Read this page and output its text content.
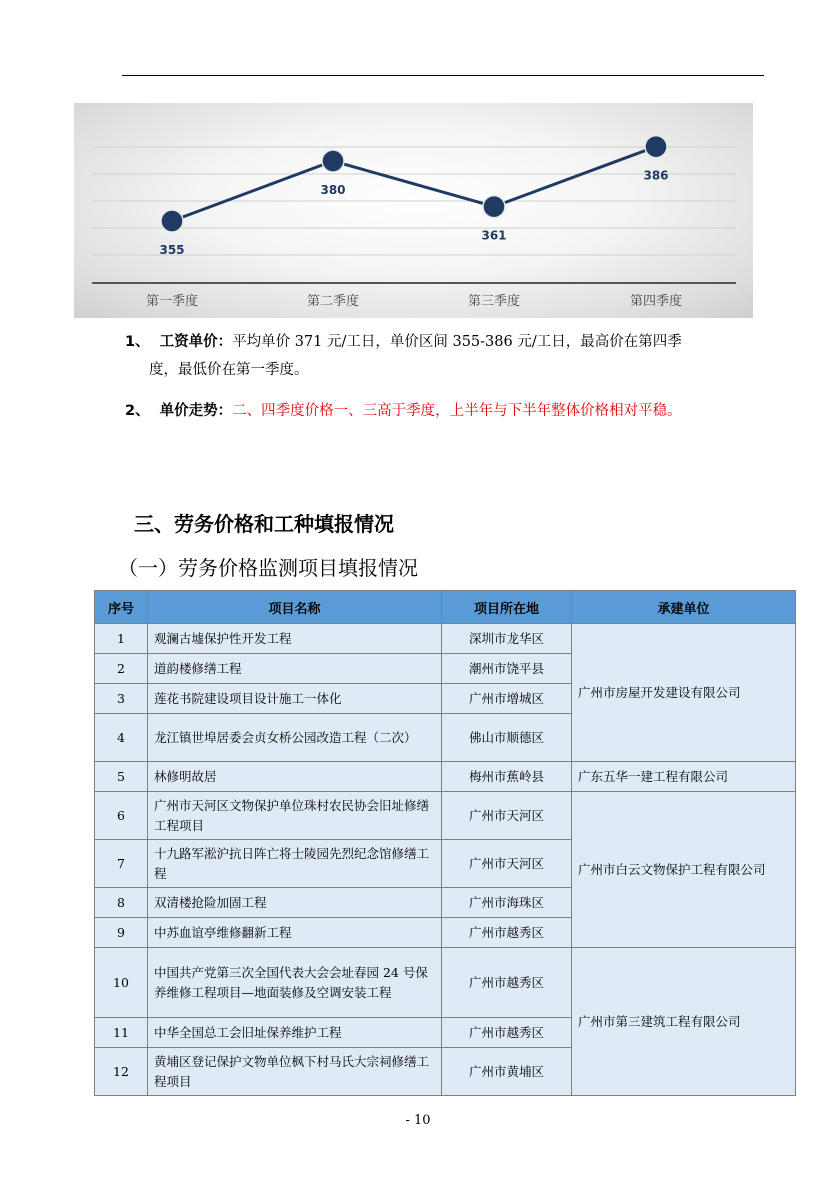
355
380
361
386
第一季度	第二季度	第三季度	第四季度
1、 工资单价：平均单价 371 元/工日，单价区间 355-386 元/工日，最高价在第四季
度，最低价在第一季度。
2、 单价走势：二、四季度价格一、三高于季度，上半年与下半年整体价格相对平稳。
三、劳务价格和工种填报情况
（一）劳务价格监测项目填报情况
序号	项目名称	项目所在地	承建单位
1	观澜古墟保护性开发工程	深圳市龙华区	广州市房屋开发建设有限公司
2	道韵楼修缮工程	潮州市饶平县	
3	莲花书院建设项目设计施工一体化	广州市增城区	
4	龙江镇世埠居委会贞女桥公园改造工程（二次）	佛山市顺德区	
5	林修明故居	梅州市蕉岭县	广东五华一建工程有限公司
6	广州市天河区文物保护单位珠村农民协会旧址修缮工程项目	广州市天河区	广州市白云文物保护工程有限公司
7	十九路军淞沪抗日阵亡将士陵园先烈纪念馆修缮工程	广州市天河区	
8	双清楼抢险加固工程	广州市海珠区	
9	中苏血谊亭维修翻新工程	广州市越秀区	
10	中国共产党第三次全国代表大会会址春园 24 号保养维修工程项目—地面装修及空调安装工程	广州市越秀区	广州市第三建筑工程有限公司
11	中华全国总工会旧址保养维护工程	广州市越秀区	
12	黄埔区登记保护文物单位枫下村马氏大宗祠修缮工程项目	广州市黄埔区	
- 10
